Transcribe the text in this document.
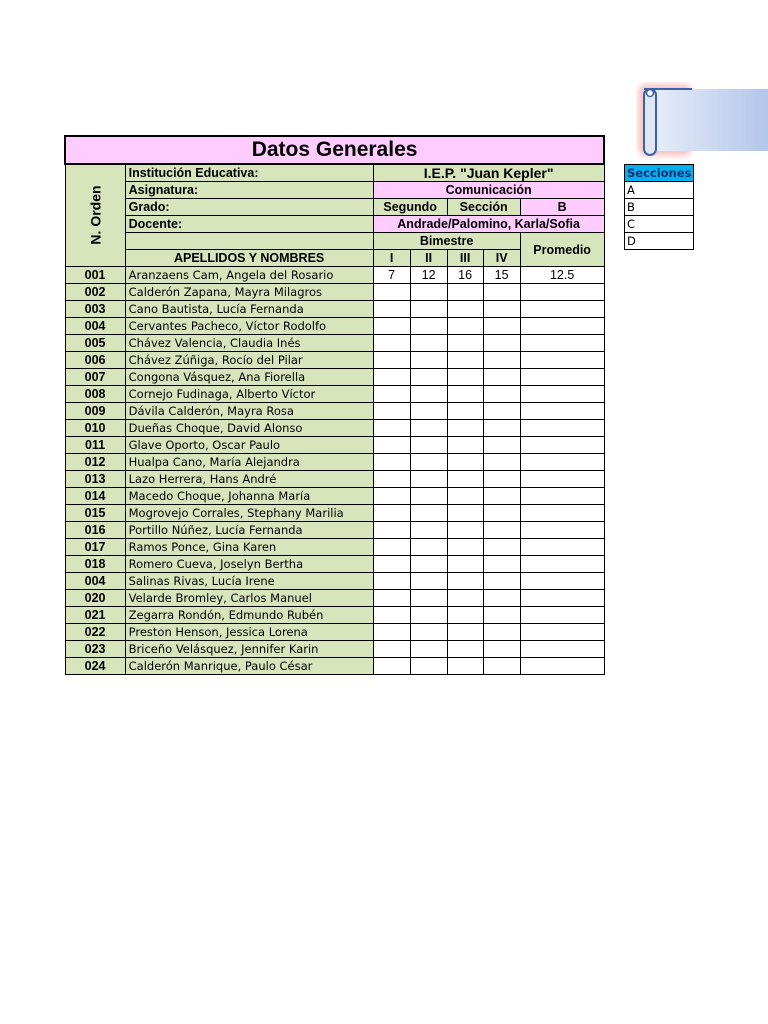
Datos Generales						
N. Orden	Institución Educativa:	I.E.P. "Juan Kepler"				
	Asignatura:	Comunicación				
	Grado:	Segundo		Sección		B
	Docente:	Andrade/Palomino, Karla/Sofia				
		Bimestre				Promedio
	APELLIDOS Y NOMBRES	I	II	III	IV	
001	Aranzaens Cam, Angela del Rosario	7	12	16	15	12.5
002	Calderón Zapana, Mayra Milagros					
003	Cano Bautista, Lucía Fernanda					
004	Cervantes Pacheco, Víctor Rodolfo					
005	Chávez Valencia, Claudia Inés					
006	Chávez Zúñiga, Rocío del Pilar					
007	Congona Vásquez, Ana Fiorella					
008	Cornejo Fudinaga, Alberto Víctor					
009	Dávila Calderón, Mayra Rosa					
010	Dueñas Choque, David Alonso					
011	Glave Oporto, Oscar Paulo					
012	Hualpa Cano, María Alejandra					
013	Lazo Herrera, Hans André					
014	Macedo Choque, Johanna María					
015	Mogrovejo Corrales, Stephany Marilia					
016	Portillo Núñez, Lucía Fernanda					
017	Ramos Ponce, Gina Karen					
018	Romero Cueva, Joselyn Bertha					
004	Salinas Rivas, Lucía Irene					
020	Velarde Bromley, Carlos Manuel					
021	Zegarra Rondón, Edmundo Rubén					
022	Preston Henson, Jessica Lorena					
023	Briceño Velásquez, Jennifer Karin					
024	Calderón Manrique, Paulo César					
Secciones
A
B
C
D
